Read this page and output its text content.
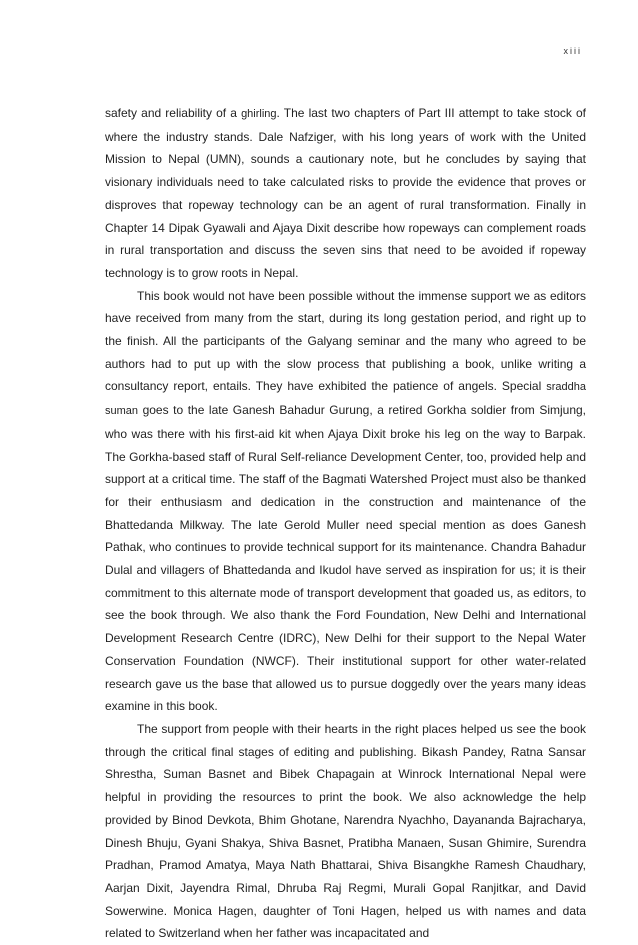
xiii

safety and reliability of a ghirling. The last two chapters of Part III attempt to take stock of where the industry stands. Dale Nafziger, with his long years of work with the United Mission to Nepal (UMN), sounds a cautionary note, but he concludes by saying that visionary individuals need to take calculated risks to provide the evidence that proves or disproves that ropeway technology can be an agent of rural transformation. Finally in Chapter 14 Dipak Gyawali and Ajaya Dixit describe how ropeways can complement roads in rural transportation and discuss the seven sins that need to be avoided if ropeway technology is to grow roots in Nepal.

This book would not have been possible without the immense support we as editors have received from many from the start, during its long gestation period, and right up to the finish. All the participants of the Galyang seminar and the many who agreed to be authors had to put up with the slow process that publishing a book, unlike writing a consultancy report, entails. They have exhibited the patience of angels. Special sraddha suman goes to the late Ganesh Bahadur Gurung, a retired Gorkha soldier from Simjung, who was there with his first-aid kit when Ajaya Dixit broke his leg on the way to Barpak. The Gorkha-based staff of Rural Self-reliance Development Center, too, provided help and support at a critical time. The staff of the Bagmati Watershed Project must also be thanked for their enthusiasm and dedication in the construction and maintenance of the Bhattedanda Milkway. The late Gerold Muller need special mention as does Ganesh Pathak, who continues to provide technical support for its maintenance. Chandra Bahadur Dulal and villagers of Bhattedanda and Ikudol have served as inspiration for us; it is their commitment to this alternate mode of transport development that goaded us, as editors, to see the book through. We also thank the Ford Foundation, New Delhi and International Development Research Centre (IDRC), New Delhi for their support to the Nepal Water Conservation Foundation (NWCF). Their institutional support for other water-related research gave us the base that allowed us to pursue doggedly over the years many ideas examine in this book.

The support from people with their hearts in the right places helped us see the book through the critical final stages of editing and publishing. Bikash Pandey, Ratna Sansar Shrestha, Suman Basnet and Bibek Chapagain at Winrock International Nepal were helpful in providing the resources to print the book. We also acknowledge the help provided by Binod Devkota, Bhim Ghotane, Narendra Nyachho, Dayananda Bajracharya, Dinesh Bhuju, Gyani Shakya, Shiva Basnet, Pratibha Manaen, Susan Ghimire, Surendra Pradhan, Pramod Amatya, Maya Nath Bhattarai, Shiva Bisangkhe Ramesh Chaudhary, Aarjan Dixit, Jayendra Rimal, Dhruba Raj Regmi, Murali Gopal Ranjitkar, and David Sowerwine. Monica Hagen, daughter of Toni Hagen, helped us with names and data related to Switzerland when her father was incapacitated and
